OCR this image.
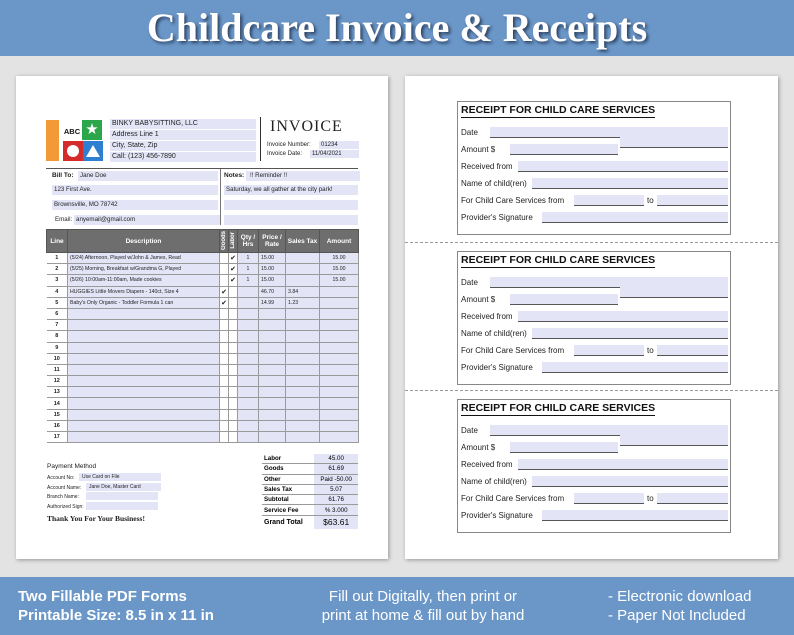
Childcare Invoice & Receipts
ABC ★	BINKY BABYSITTING, LLC
Address Line 1
City, State, Zip
Call: (123) 456-7890
INVOICE
Invoice Number:	01234
Invoice Date:	11/04/2021
Bill To:	Jane Doe
123 First Ave.
Brownsville, MO 78742
Email: anyemail@gmail.com
Notes: !! Reminder !!
Saturday, we all gather at the city park!
Line	Description	Goods	Labor	Qty / Hrs	Price / Rate	Sales Tax	Amount
1	(5/24) Afternoon, Played w/John & James, Read		✔	1	15.00		15.00
2	(5/25) Morning, Breakfast w/Grandma G, Played		✔	1	15.00		15.00
3	(5/26) 10:00am-11:00am, Made cookies		✔	1	15.00		15.00
4	HUGGIES Little Movers Diapers - 140ct, Size 4	✔			46.70	3.84	
5	Baby's Only Organic - Toddler Formula 1 can	✔			14.99	1.23	
6							
7							
8							
9							
10							
11							
12							
13							
14							
15							
16							
17							
Payment Method
Account No:	Use Card on File
Account Name:	Jane Doe, Master Card
Branch Name:
Authorized Sign:
Thank You For Your Business!
Labor	45.00
Goods	61.69
Other	Paid -50.00
Sales Tax	5.07
Subtotal	61.76
Service Fee	% 3.000
Grand Total	$63.61
RECEIPT FOR CHILD CARE SERVICES
Date
Amount $
Received from
Name of child(ren)
For Child Care Services from	to
Provider's Signature
RECEIPT FOR CHILD CARE SERVICES
Date
Amount $
Received from
Name of child(ren)
For Child Care Services from	to
Provider's Signature
RECEIPT FOR CHILD CARE SERVICES
Date
Amount $
Received from
Name of child(ren)
For Child Care Services from	to
Provider's Signature
Two Fillable PDF Forms
Printable Size: 8.5 in x 11 in
Fill out Digitally, then print or
print at home & fill out by hand
- Electronic download
- Paper Not Included
